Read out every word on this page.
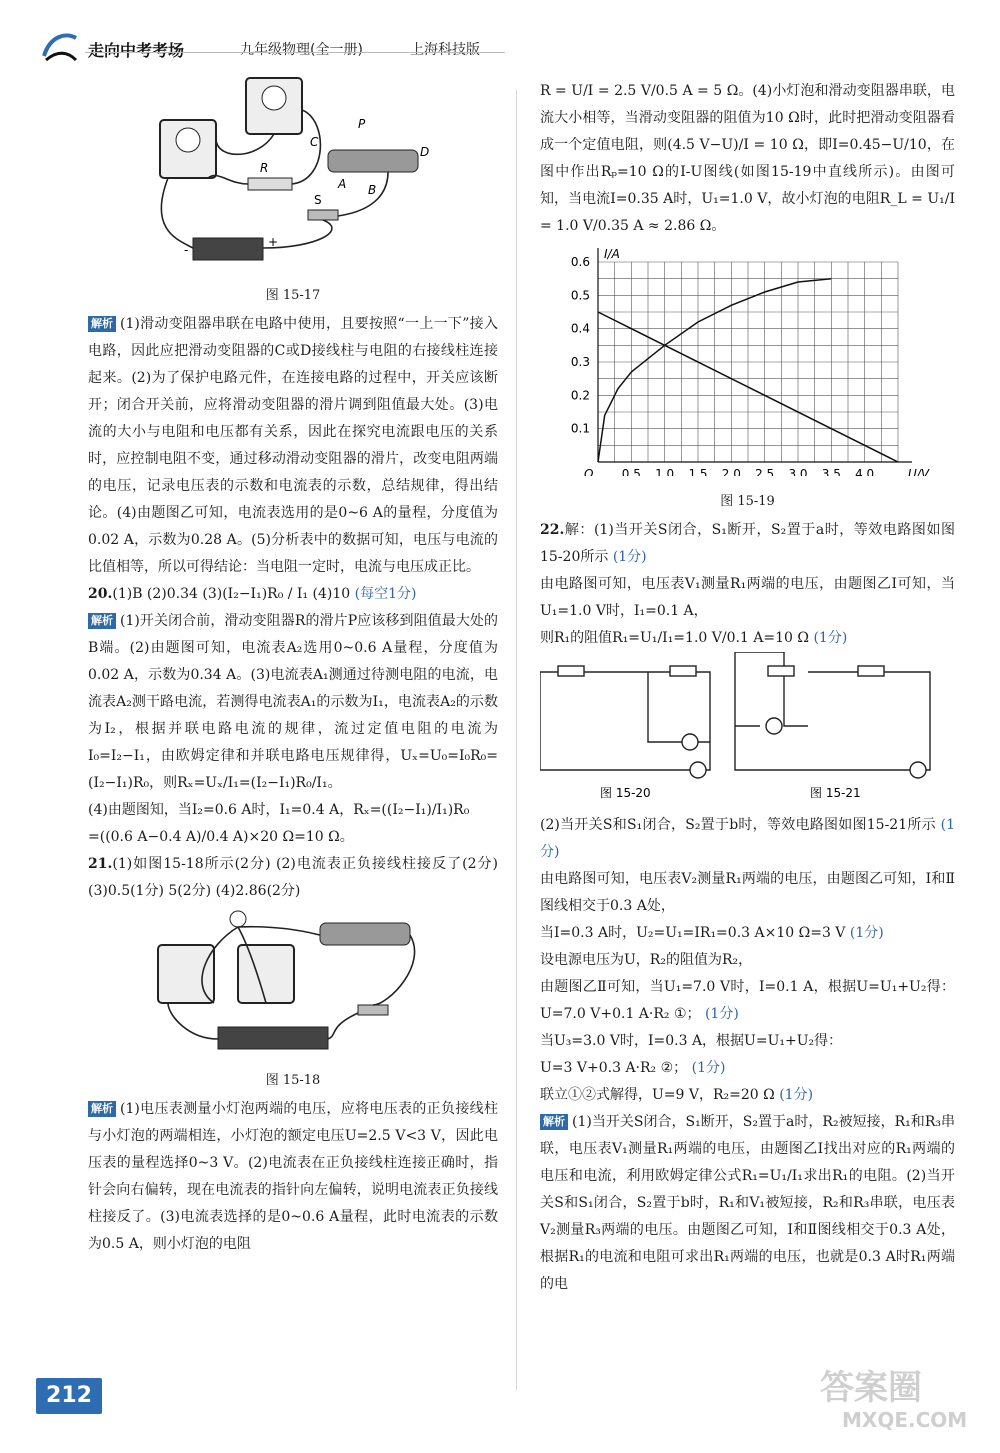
走向中考考场	九年级物理(全一册)	上海科技版
C
P
D
A B
R
S
-
+
图 15-17

解析 (1)滑动变阻器串联在电路中使用，且要按照“一上一下”接入电路，因此应把滑动变阻器的C或D接线柱与电阻的右接线柱连接起来。(2)为了保护电路元件，在连接电路的过程中，开关应该断开；闭合开关前，应将滑动变阻器的滑片调到阻值最大处。(3)电流的大小与电阻和电压都有关系，因此在探究电流跟电压的关系时，应控制电阻不变，通过移动滑动变阻器的滑片，改变电阻两端的电压，记录电压表的示数和电流表的示数，总结规律，得出结论。(4)由题图乙可知，电流表选用的是0~6 A的量程，分度值为0.02 A，示数为0.28 A。(5)分析表中的数据可知，电压与电流的比值相等，所以可得结论：当电阻一定时，电流与电压成正比。

20.(1)B (2)0.34 (3)(I₂−I₁)R₀ / I₁ (4)10 (每空1分)

解析 (1)开关闭合前，滑动变阻器R的滑片P应该移到阻值最大处的B端。(2)由题图可知，电流表A₂选用0~0.6 A量程，分度值为0.02 A，示数为0.34 A。(3)电流表A₁测通过待测电阻的电流，电流表A₂测干路电流，若测得电流表A₁的示数为I₁，电流表A₂的示数为I₂，根据并联电路电流的规律，流过定值电阻的电流为I₀=I₂−I₁，由欧姆定律和并联电路电压规律得，Uₓ=U₀=I₀R₀=(I₂−I₁)R₀，则Rₓ=Uₓ/I₁=(I₂−I₁)R₀/I₁。

(4)由题图知，当I₂=0.6 A时，I₁=0.4 A，Rₓ=((I₂−I₁)/I₁)R₀

=((0.6 A−0.4 A)/0.4 A)×20 Ω=10 Ω。

21.(1)如图15-18所示(2分) (2)电流表正负接线柱接反了(2分) (3)0.5(1分) 5(2分) (4)2.86(2分)

图 15-18

解析 (1)电压表测量小灯泡两端的电压，应将电压表的正负接线柱与小灯泡的两端相连，小灯泡的额定电压U=2.5 V<3 V，因此电压表的量程选择0~3 V。(2)电流表在正负接线柱连接正确时，指针会向右偏转，现在电流表的指针向左偏转，说明电流表正负接线柱接反了。(3)电流表选择的是0~0.6 A量程，此时电流表的示数为0.5 A，则小灯泡的电阻

R = U/I = 2.5 V/0.5 A = 5 Ω。(4)小灯泡和滑动变阻器串联，电流大小相等，当滑动变阻器的阻值为10 Ω时，此时把滑动变阻器看成一个定值电阻，则(4.5 V−U)/I = 10 Ω，即I=0.45−U/10，在图中作出Rₚ=10 Ω的I-U图线(如图15-19中直线所示)。由图可知，当电流I=0.35 A时，U₁=1.0 V，故小灯泡的电阻R_L = U₁/I = 1.0 V/0.35 A ≈ 2.86 Ω。

0.5 1.0 1.5 2.0 2.5 3.0 3.5 4.0
0.1
0.2
0.3
0.4
0.5
0.6
O	U/V
I/A
图 15-19

22.解：(1)当开关S闭合，S₁断开，S₂置于a时，等效电路图如图15-20所示 (1分)

由电路图可知，电压表V₁测量R₁两端的电压，由题图乙Ⅰ可知，当U₁=1.0 V时，I₁=0.1 A，

则R₁的阻值R₁=U₁/I₁=1.0 V/0.1 A=10 Ω (1分)

图 15-20	图 15-21

(2)当开关S和S₁闭合，S₂置于b时，等效电路图如图15-21所示 (1分)

由电路图可知，电压表V₂测量R₁两端的电压，由题图乙可知，Ⅰ和Ⅱ图线相交于0.3 A处，

当I=0.3 A时，U₂=U₁=IR₁=0.3 A×10 Ω=3 V (1分)

设电源电压为U，R₂的阻值为R₂，

由题图乙Ⅱ可知，当U₁=7.0 V时，I=0.1 A，根据U=U₁+U₂得：U=7.0 V+0.1 A·R₂ ①； (1分)

当U₃=3.0 V时，I=0.3 A，根据U=U₁+U₂得：

U=3 V+0.3 A·R₂ ②； (1分)

联立①②式解得，U=9 V，R₂=20 Ω (1分)

解析 (1)当开关S闭合，S₁断开，S₂置于a时，R₂被短接，R₁和R₃串联，电压表V₁测量R₁两端的电压，由题图乙Ⅰ找出对应的R₁两端的电压和电流，利用欧姆定律公式R₁=U₁/I₁求出R₁的电阻。(2)当开关S和S₁闭合，S₂置于b时，R₁和V₁被短接，R₂和R₃串联，电压表V₂测量R₃两端的电压。由题图乙可知，Ⅰ和Ⅱ图线相交于0.3 A处，根据R₁的电流和电阻可求出R₁两端的电压，也就是0.3 A时R₁两端的电

212	答案圈
MXQE.COM
